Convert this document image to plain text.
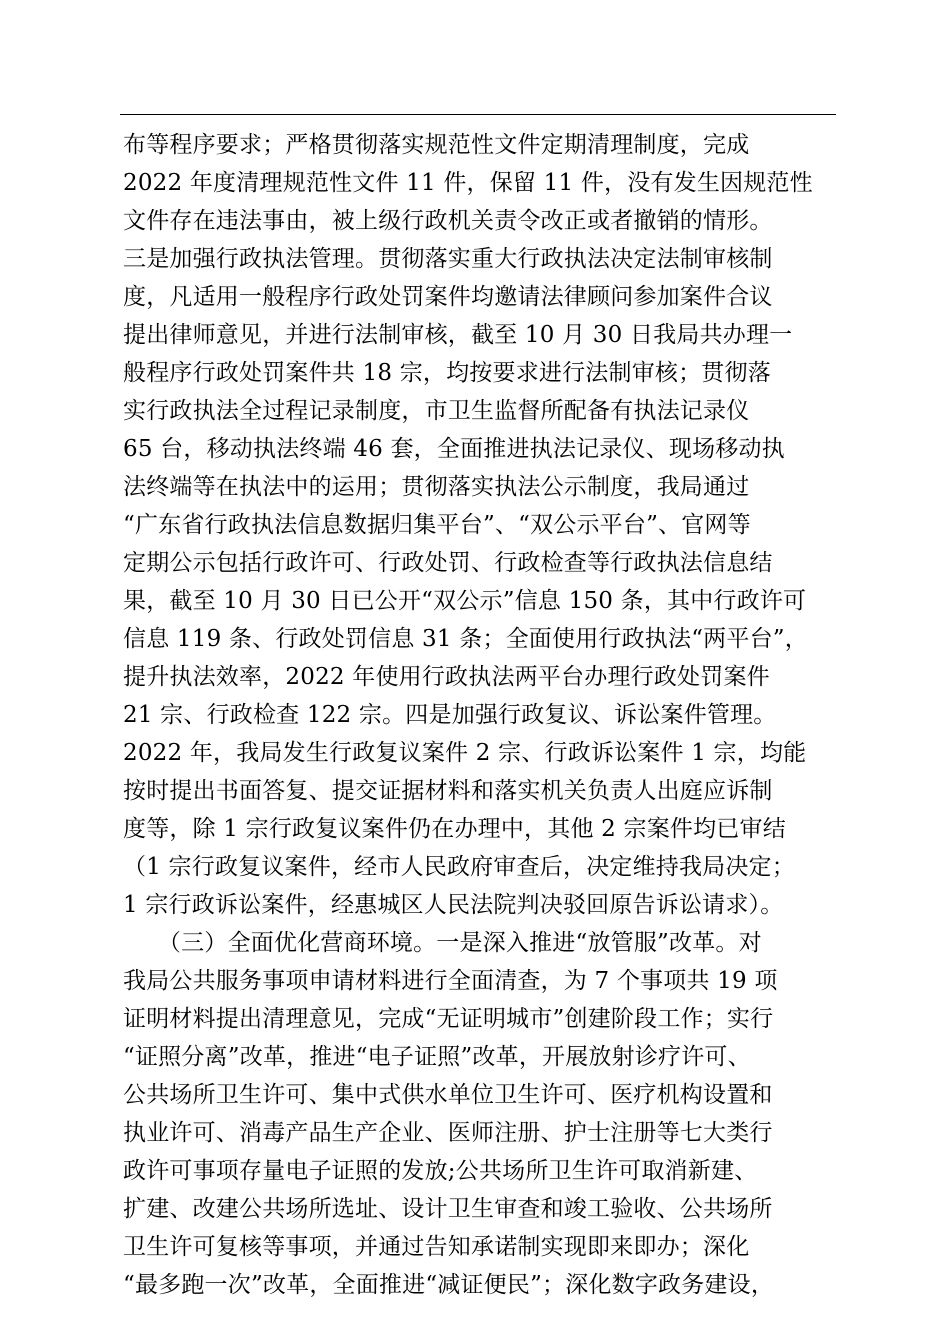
布等程序要求；严格贯彻落实规范性文件定期清理制度，完成
2022 年度清理规范性文件 11 件，保留 11 件，没有发生因规范性
文件存在违法事由，被上级行政机关责令改正或者撤销的情形。
三是加强行政执法管理。贯彻落实重大行政执法决定法制审核制
度，凡适用一般程序行政处罚案件均邀请法律顾问参加案件合议
提出律师意见，并进行法制审核，截至 10 月 30 日我局共办理一
般程序行政处罚案件共 18 宗，均按要求进行法制审核；贯彻落
实行政执法全过程记录制度，市卫生监督所配备有执法记录仪
65 台，移动执法终端 46 套，全面推进执法记录仪、现场移动执
法终端等在执法中的运用；贯彻落实执法公示制度，我局通过
“广东省行政执法信息数据归集平台”、“双公示平台”、官网等
定期公示包括行政许可、行政处罚、行政检查等行政执法信息结
果，截至 10 月 30 日已公开“双公示”信息 150 条，其中行政许可
信息 119 条、行政处罚信息 31 条；全面使用行政执法“两平台”，
提升执法效率，2022 年使用行政执法两平台办理行政处罚案件
21 宗、行政检查 122 宗。四是加强行政复议、诉讼案件管理。
2022 年，我局发生行政复议案件 2 宗、行政诉讼案件 1 宗，均能
按时提出书面答复、提交证据材料和落实机关负责人出庭应诉制
度等，除 1 宗行政复议案件仍在办理中，其他 2 宗案件均已审结
（1 宗行政复议案件，经市人民政府审查后，决定维持我局决定；
1 宗行政诉讼案件，经惠城区人民法院判决驳回原告诉讼请求）。
　　（三）全面优化营商环境。一是深入推进“放管服”改革。对
我局公共服务事项申请材料进行全面清查，为 7 个事项共 19 项
证明材料提出清理意见，完成“无证明城市”创建阶段工作；实行
“证照分离”改革，推进“电子证照”改革，开展放射诊疗许可、
公共场所卫生许可、集中式供水单位卫生许可、医疗机构设置和
执业许可、消毒产品生产企业、医师注册、护士注册等七大类行
政许可事项存量电子证照的发放;公共场所卫生许可取消新建、
扩建、改建公共场所选址、设计卫生审查和竣工验收、公共场所
卫生许可复核等事项，并通过告知承诺制实现即来即办；深化
“最多跑一次”改革，全面推进“减证便民”；深化数字政务建设，
